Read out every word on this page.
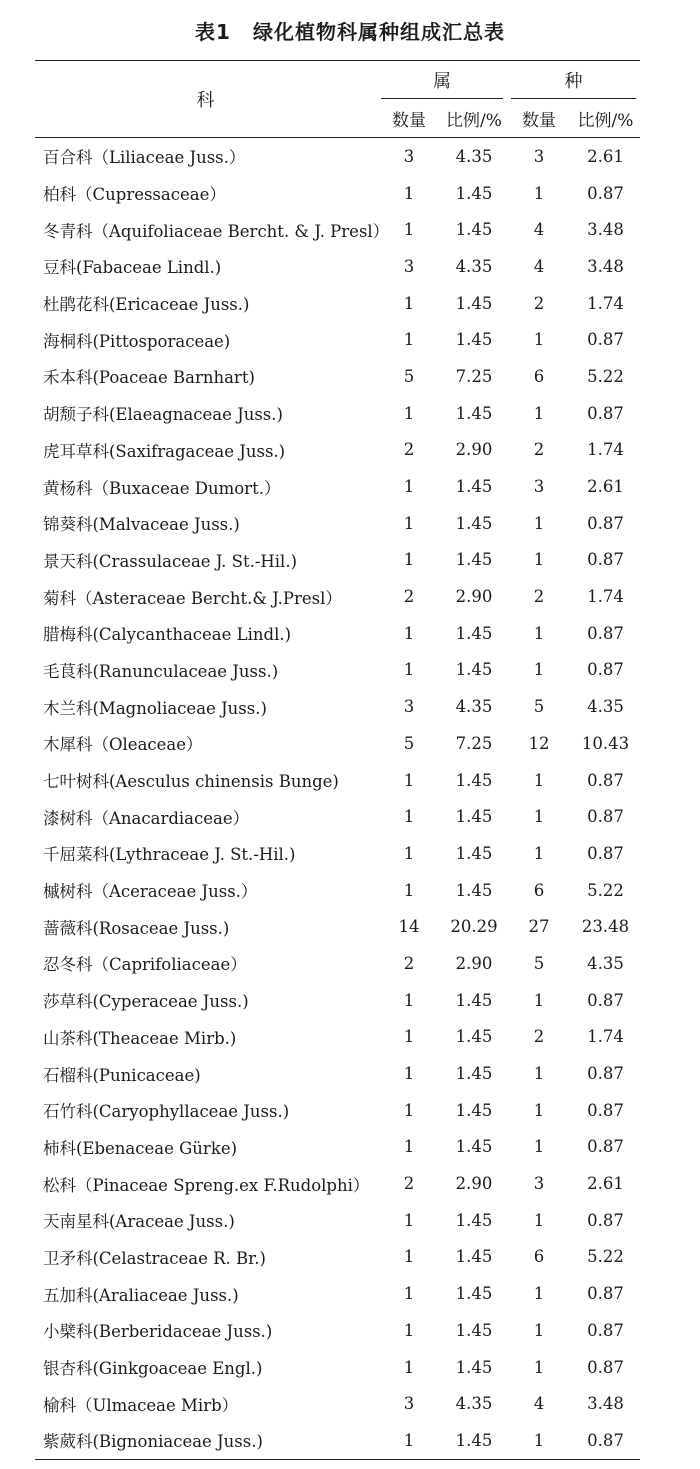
表1 绿化植物科属种组成汇总表
科	属		种	

	数量	比例/%	数量	比例/%
百合科（Liliaceae Juss.）	3	4.35	3	2.61
柏科（Cupressaceae）	1	1.45	1	0.87
冬青科（Aquifoliaceae Bercht. & J. Presl）	1	1.45	4	3.48
豆科(Fabaceae Lindl.)	3	4.35	4	3.48
杜鹃花科(Ericaceae Juss.)	1	1.45	2	1.74
海桐科(Pittosporaceae)	1	1.45	1	0.87
禾本科(Poaceae Barnhart)	5	7.25	6	5.22
胡颓子科(Elaeagnaceae Juss.)	1	1.45	1	0.87
虎耳草科(Saxifragaceae Juss.)	2	2.90	2	1.74
黄杨科（Buxaceae Dumort.）	1	1.45	3	2.61
锦葵科(Malvaceae Juss.)	1	1.45	1	0.87
景天科(Crassulaceae J. St.-Hil.)	1	1.45	1	0.87
菊科（Asteraceae Bercht.& J.Presl）	2	2.90	2	1.74
腊梅科(Calycanthaceae Lindl.)	1	1.45	1	0.87
毛茛科(Ranunculaceae Juss.)	1	1.45	1	0.87
木兰科(Magnoliaceae Juss.)	3	4.35	5	4.35
木犀科（Oleaceae）	5	7.25	12	10.43
七叶树科(Aesculus chinensis Bunge)	1	1.45	1	0.87
漆树科（Anacardiaceae）	1	1.45	1	0.87
千屈菜科(Lythraceae J. St.-Hil.)	1	1.45	1	0.87
槭树科（Aceraceae Juss.）	1	1.45	6	5.22
蔷薇科(Rosaceae Juss.)	14	20.29	27	23.48
忍冬科（Caprifoliaceae）	2	2.90	5	4.35
莎草科(Cyperaceae Juss.)	1	1.45	1	0.87
山茶科(Theaceae Mirb.)	1	1.45	2	1.74
石榴科(Punicaceae)	1	1.45	1	0.87
石竹科(Caryophyllaceae Juss.)	1	1.45	1	0.87
柿科(Ebenaceae Gürke)	1	1.45	1	0.87
松科（Pinaceae Spreng.ex F.Rudolphi）	2	2.90	3	2.61
天南星科(Araceae Juss.)	1	1.45	1	0.87
卫矛科(Celastraceae R. Br.)	1	1.45	6	5.22
五加科(Araliaceae Juss.)	1	1.45	1	0.87
小檗科(Berberidaceae Juss.)	1	1.45	1	0.87
银杏科(Ginkgoaceae Engl.)	1	1.45	1	0.87
榆科（Ulmaceae Mirb）	3	4.35	4	3.48
紫葳科(Bignoniaceae Juss.)	1	1.45	1	0.87
